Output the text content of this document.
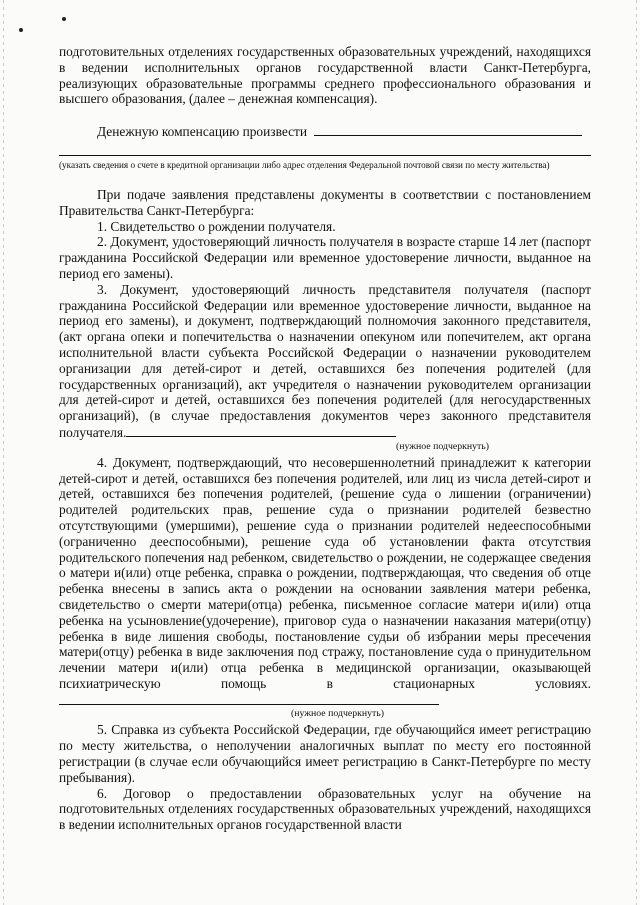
подготовительных отделениях государственных образовательных учреждений, находящихся в ведении исполнительных органов государственной власти Санкт-Петербурга, реализующих образовательные программы среднего профессионального образования и высшего образования, (далее – денежная компенсация).

Денежную компенсацию произвести

(указать сведения о счете в кредитной организации либо адрес отделения Федеральной почтовой связи по месту жительства)

При подаче заявления представлены документы в соответствии с постановлением Правительства Санкт-Петербурга:

1. Свидетельство о рождении получателя.

2. Документ, удостоверяющий личность получателя в возрасте старше 14 лет (паспорт гражданина Российской Федерации или временное удостоверение личности, выданное на период его замены).

3. Документ, удостоверяющий личность представителя получателя (паспорт гражданина Российской Федерации или временное удостоверение личности, выданное на период его замены), и документ, подтверждающий полномочия законного представителя, (акт органа опеки и попечительства о назначении опекуном или попечителем, акт органа исполнительной власти субъекта Российской Федерации о назначении руководителем организации для детей-сирот и детей, оставшихся без попечения родителей (для государственных организаций), акт учредителя о назначении руководителем организации для детей-сирот и детей, оставшихся без попечения родителей (для негосударственных организаций), (в случае предоставления документов через законного представителя получателя.

(нужное подчеркнуть)

4. Документ, подтверждающий, что несовершеннолетний принадлежит к категории детей-сирот и детей, оставшихся без попечения родителей, или лиц из числа детей-сирот и детей, оставшихся без попечения родителей, (решение суда о лишении (ограничении) родителей родительских прав, решение суда о признании родителей безвестно отсутствующими (умершими), решение суда о признании родителей недееспособными (ограниченно дееспособными), решение суда об установлении факта отсутствия родительского попечения над ребенком, свидетельство о рождении, не содержащее сведения о матери и(или) отце ребенка, справка о рождении, подтверждающая, что сведения об отце ребенка внесены в запись акта о рождении на основании заявления матери ребенка, свидетельство о смерти матери(отца) ребенка, письменное согласие матери и(или) отца ребенка на усыновление(удочерение), приговор суда о назначении наказания матери(отцу) ребенка в виде лишения свободы, постановление судьи об избрании меры пресечения матери(отцу) ребенка в виде заключения под стражу, постановление суда о принудительном лечении матери и(или) отца ребенка в медицинской организации, оказывающей психиатрическую помощь в стационарных условиях.

(нужное подчеркнуть)

5. Справка из субъекта Российской Федерации, где обучающийся имеет регистрацию по месту жительства, о неполучении аналогичных выплат по месту его постоянной регистрации (в случае если обучающийся имеет регистрацию в Санкт-Петербурге по месту пребывания).

6. Договор о предоставлении образовательных услуг на обучение на подготовительных отделениях государственных образовательных учреждений, находящихся в ведении исполнительных органов государственной власти
